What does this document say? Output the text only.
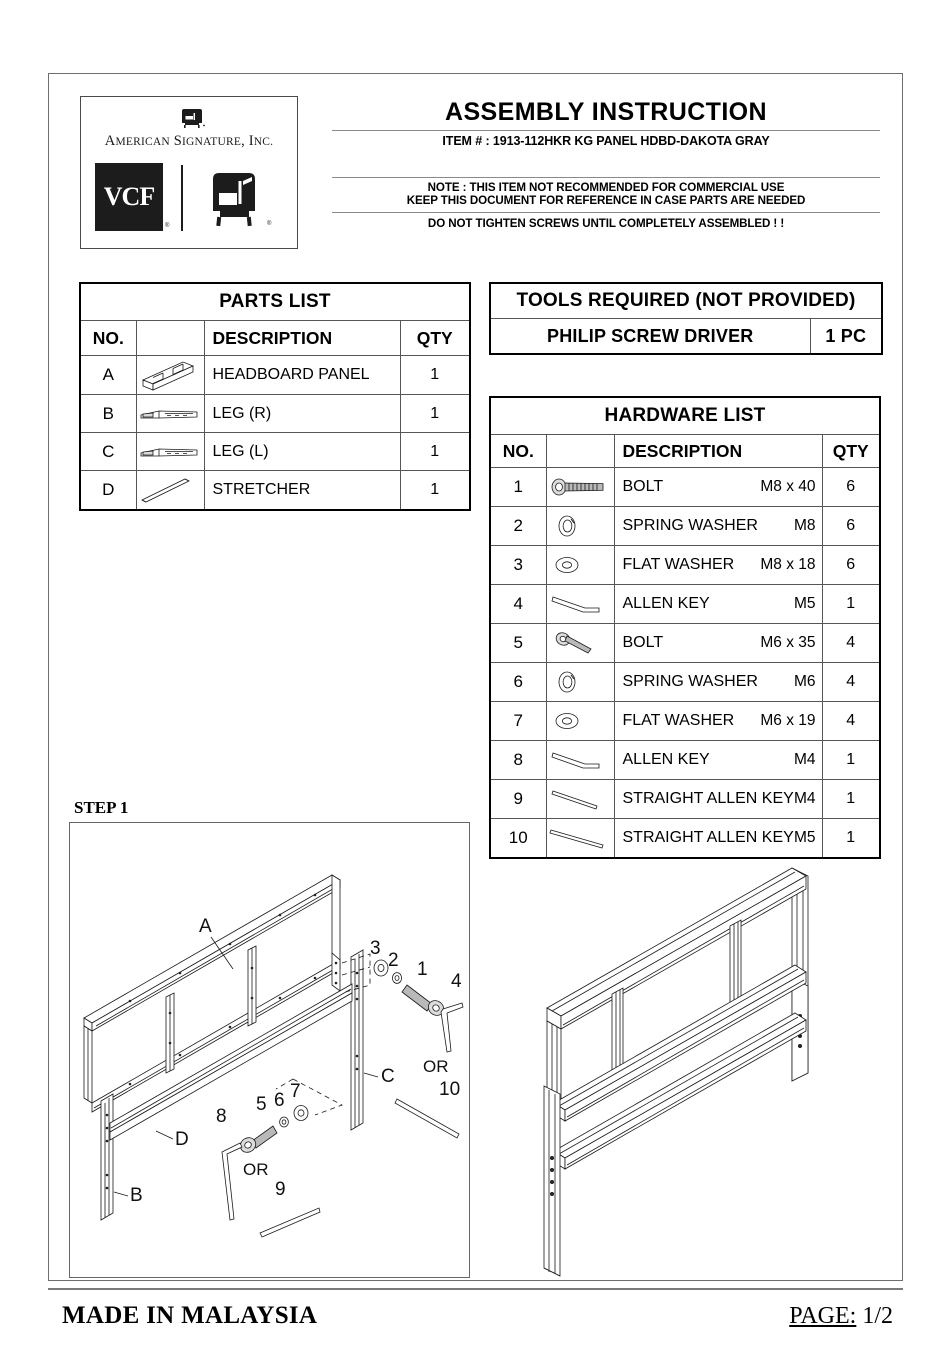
AMERICAN SIGNATURE, INC.
VCF
®	®
ASSEMBLY INSTRUCTION
ITEM # : 1913-112HKR KG PANEL HDBD-DAKOTA GRAY
NOTE : THIS ITEM NOT RECOMMENDED FOR COMMERCIAL USE
KEEP THIS DOCUMENT FOR REFERENCE IN CASE PARTS ARE NEEDED
DO NOT TIGHTEN SCREWS UNTIL COMPLETELY ASSEMBLED ! !
PARTS LIST			
NO.		DESCRIPTION	QTY
A		HEADBOARD PANEL	1
B		LEG (R)	1
C		LEG (L)	1
D		STRETCHER	1
TOOLS REQUIRED (NOT PROVIDED)
PHILIP SCREW DRIVER	1 PC
HARDWARE LIST			
NO.		DESCRIPTION	QTY
1		BOLT M8 x 40	6
2		SPRING WASHER M8	6
3		FLAT WASHER M8 x 18	6
4		ALLEN KEY M5	1
5		BOLT M6 x 35	4
6		SPRING WASHER M6	4
7		FLAT WASHER M6 x 19	4
8		ALLEN KEY M4	1
9		STRAIGHT ALLEN KEY M4	1
10		STRAIGHT ALLEN KEY M5	1
STEP 1
A
C
B
D
3
2 1
4
OR
10
7
6
5
8
OR
9
MADE IN MALAYSIA	PAGE: 1/2
